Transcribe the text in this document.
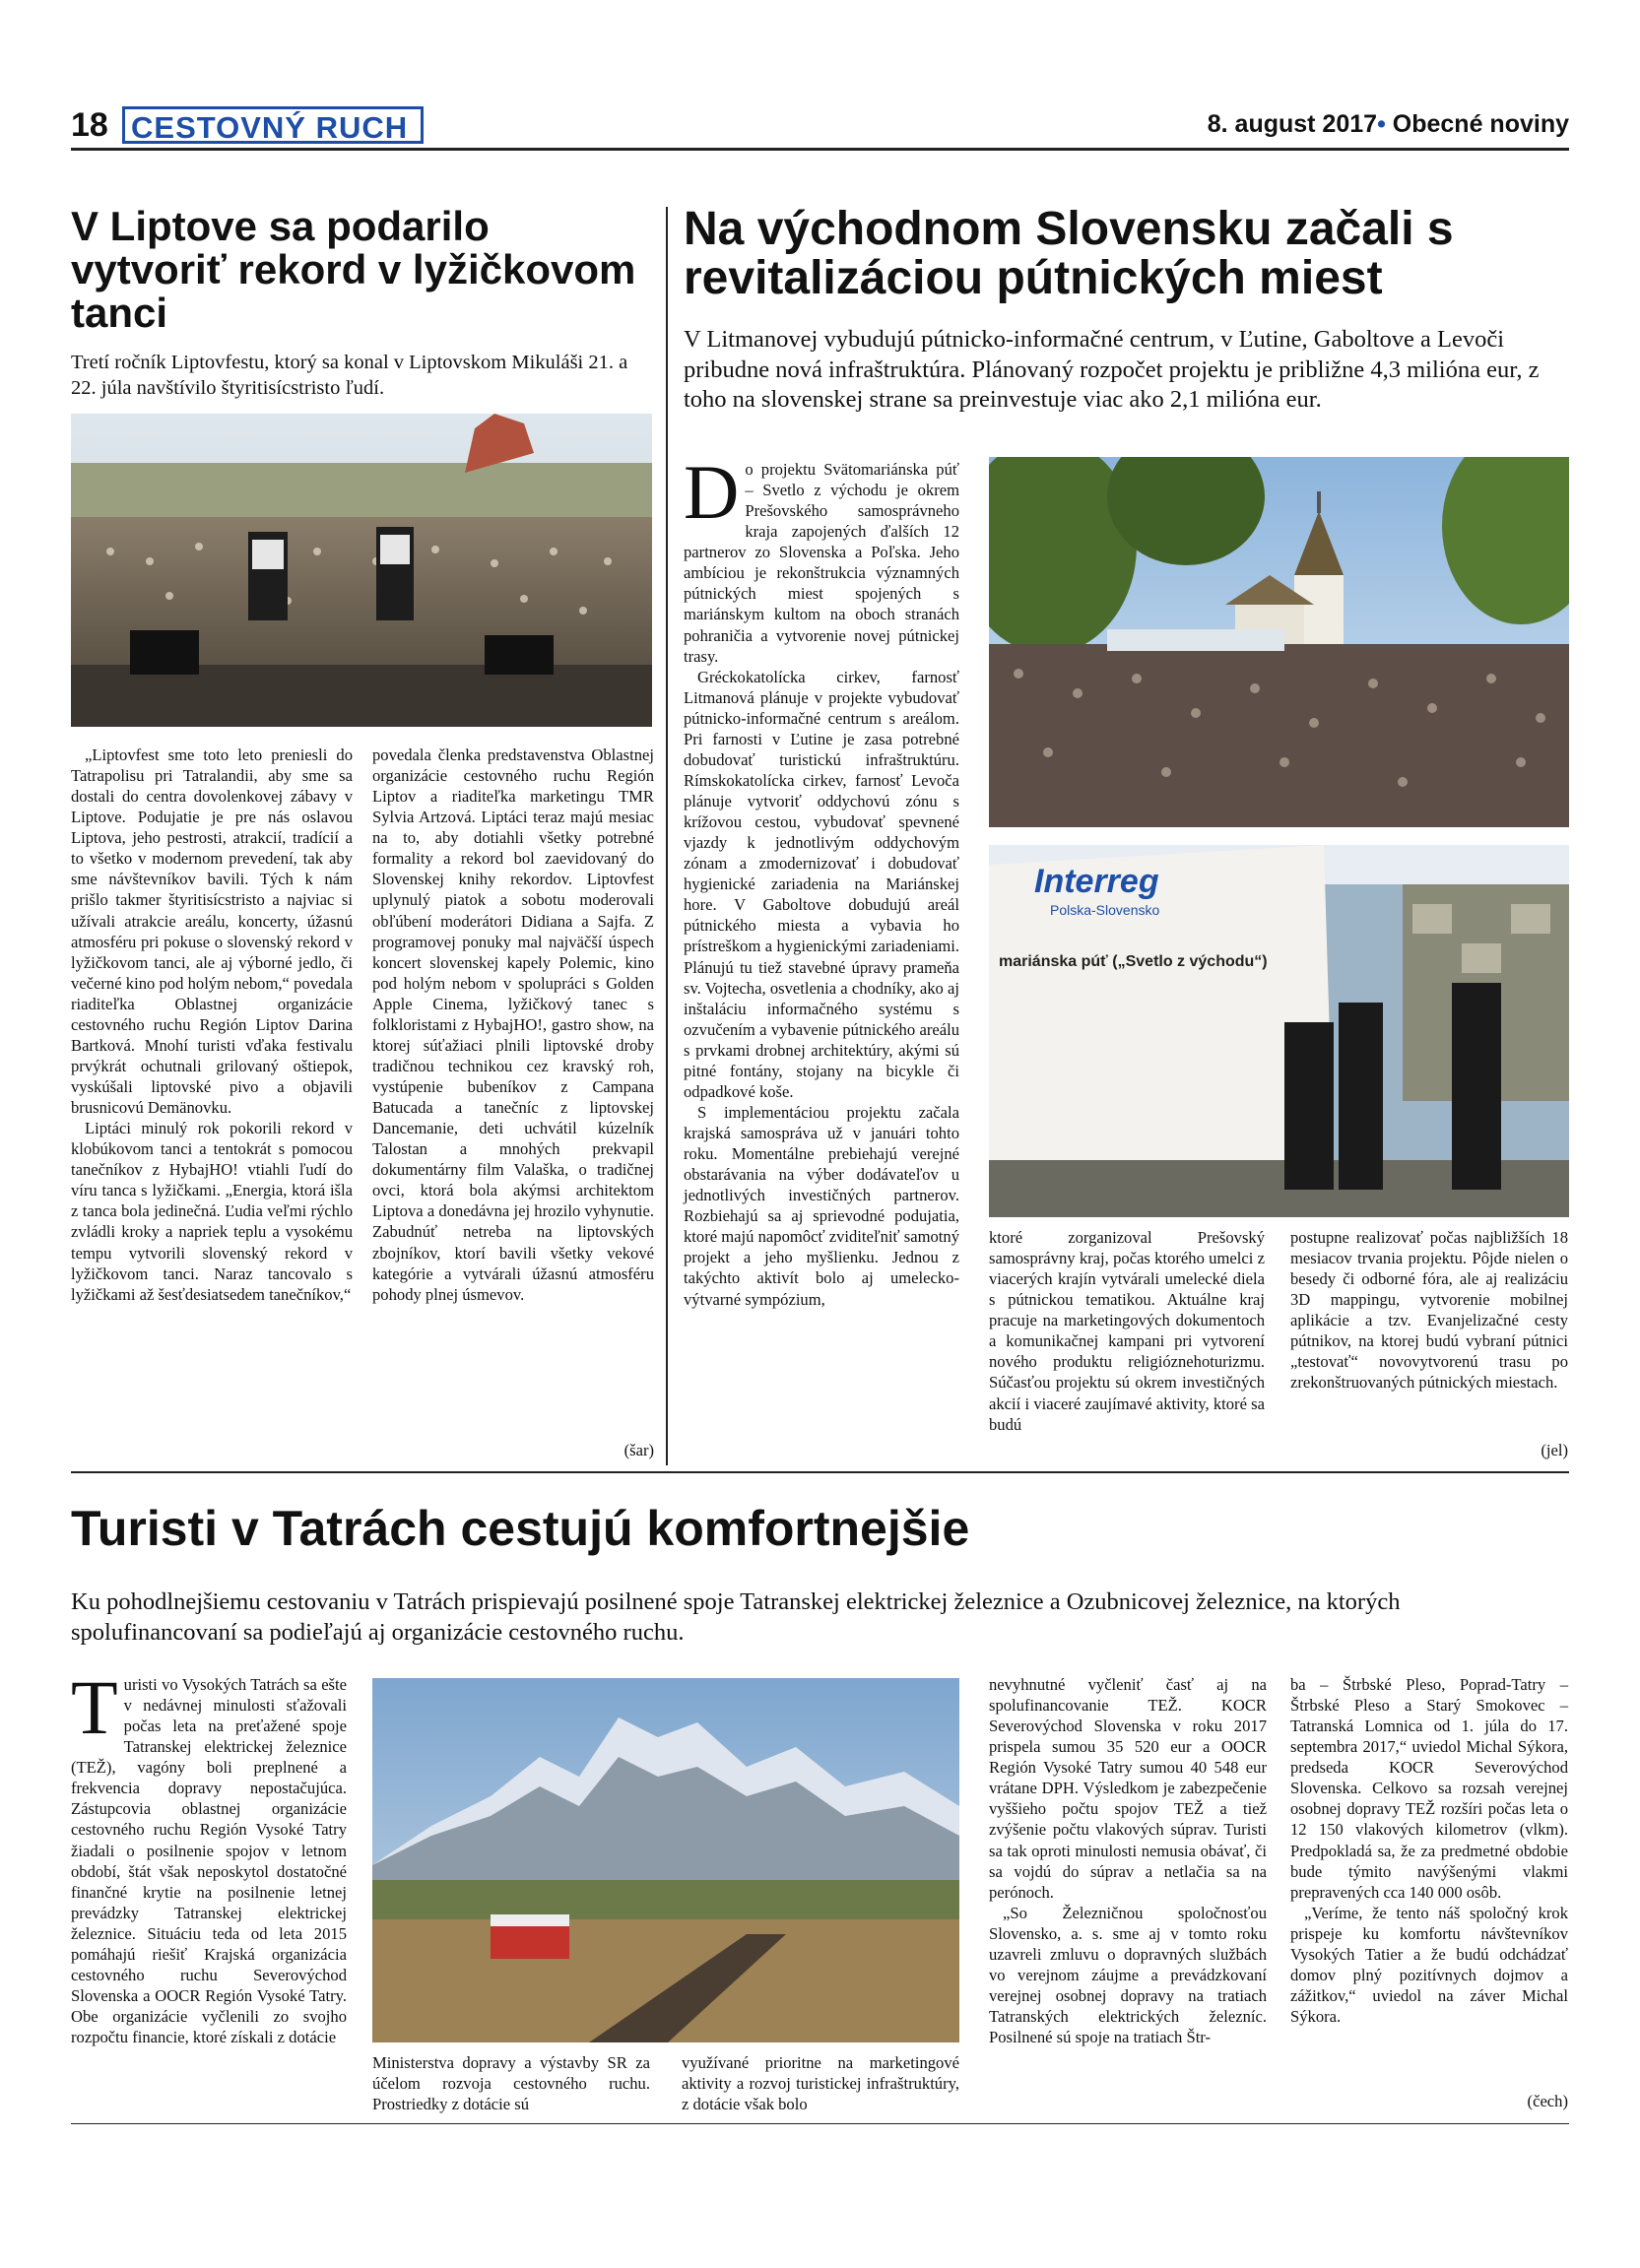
18 CESTOVNÝ RUCH	8. august 2017• Obecné noviny
V Liptove sa podarilo vytvoriť rekord v lyžičkovom tanci
Tretí ročník Liptovfestu, ktorý sa konal v Liptovskom Mikuláši 21. a 22. júla navštívilo štyritisícstristo ľudí.

„Liptovfest sme toto leto preniesli do Tatrapolisu pri Tatralandii, aby sme sa dostali do centra dovolenkovej zábavy v Liptove. Podujatie je pre nás oslavou Liptova, jeho pestrosti, atrakcií, tradícií a to všetko v modernom prevedení, tak aby sme návštevníkov bavili. Tých k nám prišlo takmer štyritisícstristo a najviac si užívali atrakcie areálu, koncerty, úžasnú atmosféru pri pokuse o slovenský rekord v lyžičkovom tanci, ale aj výborné jedlo, či večerné kino pod holým nebom,“ povedala riaditeľka Oblastnej organizácie cestovného ruchu Región Liptov Darina Bartková. Mnohí turisti vďaka festivalu prvýkrát ochutnali grilovaný oštiepok, vyskúšali liptovské pivo a objavili brusnicovú Demänovku.

Liptáci minulý rok pokorili rekord v klobúkovom tanci a tentokrát s pomocou tanečníkov z HybajHO! vtiahli ľudí do víru tanca s lyžičkami. „Energia, ktorá išla z tanca bola jedinečná. Ľudia veľmi rýchlo zvládli kroky a napriek teplu a vysokému tempu vytvorili slovenský rekord v lyžičkovom tanci. Naraz tancovalo s lyžičkami až šesťdesiatsedem tanečníkov,“

povedala členka predstavenstva Oblastnej organizácie cestovného ruchu Región Liptov a riaditeľka marketingu TMR Sylvia Artzová. Liptáci teraz majú mesiac na to, aby dotiahli všetky potrebné formality a rekord bol zaevidovaný do Slovenskej knihy rekordov. Liptovfest uplynulý piatok a sobotu moderovali obľúbení moderátori Didiana a Sajfa. Z programovej ponuky mal najväčší úspech koncert slovenskej kapely Polemic, kino pod holým nebom v spolupráci s Golden Apple Cinema, lyžičkový tanec s folkloristami z HybajHO!, gastro show, na ktorej súťažiaci plnili liptovské droby tradičnou technikou cez kravský roh, vystúpenie bubeníkov z Campana Batucada a tanečníc z liptovskej Dancemanie, deti uchvátil kúzelník Talostan a mnohých prekvapil dokumentárny film Valaška, o tradičnej ovci, ktorá bola akýmsi architektom Liptova a donedávna jej hrozilo vyhynutie. Zabudnúť netreba na liptovských zbojníkov, ktorí bavili všetky vekové kategórie a vytvárali úžasnú atmosféru pohody plnej úsmevov.

(šar)
Na východnom Slovensku začali s revitalizáciou pútnických miest
V Litmanovej vybudujú pútnicko-informačné centrum, v Ľutine, Gaboltove a Levoči pribudne nová infraštruktúra. Plánovaný rozpočet projektu je približne 4,3 milióna eur, z toho na slovenskej strane sa preinvestuje viac ako 2,1 milióna eur.
D o projektu Svätomariánska púť – Svetlo z východu je okrem Prešovského samosprávneho kraja zapojených ďalších 12 partnerov zo Slovenska a Poľska. Jeho ambíciou je rekonštrukcia významných pútnických miest spojených s mariánskym kultom na oboch stranách pohraničia a vytvorenie novej pútnickej trasy.

Gréckokatolícka cirkev, farnosť Litmanová plánuje v projekte vybudovať pútnicko-informačné centrum s areálom. Pri farnosti v Ľutine je zasa potrebné dobudovať turistickú infraštruktúru. Rímskokatolícka cirkev, farnosť Levoča plánuje vytvoriť oddychovú zónu s krížovou cestou, vybudovať spevnené vjazdy k jednotlivým oddychovým zónam a zmodernizovať i dobudovať hygienické zariadenia na Mariánskej hore. V Gaboltove dobudujú areál pútnického miesta a vybavia ho prístreškom a hygienickými zariadeniami. Plánujú tu tiež stavebné úpravy prameňa sv. Vojtecha, osvetlenia a chodníky, ako aj inštaláciu informačného systému s ozvučením a vybavenie pútnického areálu s prvkami drobnej architektúry, akými sú pitné fontány, stojany na bicykle či odpadkové koše.

S implementáciou projektu začala krajská samospráva už v januári tohto roku. Momentálne prebiehajú verejné obstarávania na výber dodávateľov u jednotlivých investičných partnerov. Rozbiehajú sa aj sprievodné podujatia, ktoré majú napomôcť zviditeľniť samotný projekt a jeho myšlienku. Jednou z takýchto aktivít bolo aj umelecko-výtvarné sympózium,

Interreg
Polska-Slovensko
mariánska púť („Svetlo z východu“)

ktoré zorganizoval Prešovský samosprávny kraj, počas ktorého umelci z viacerých krajín vytvárali umelecké diela s pútnickou tematikou. Aktuálne kraj pracuje na marketingových dokumentoch a komunikačnej kampani pri vytvorení nového produktu religióznehoturizmu. Súčasťou projektu sú okrem investičných akcií i viaceré zaujímavé aktivity, ktoré sa budú

postupne realizovať počas najbližších 18 mesiacov trvania projektu. Pôjde nielen o besedy či odborné fóra, ale aj realizáciu 3D mappingu, vytvorenie mobilnej aplikácie a tzv. Evanjelizačné cesty pútnikov, na ktorej budú vybraní pútnici „testovať“ novovytvorenú trasu po zrekonštruovaných pútnických miestach.

(jel)
Turisti v Tatrách cestujú komfortnejšie
Ku pohodlnejšiemu cestovaniu v Tatrách prispievajú posilnené spoje Tatranskej elektrickej železnice a Ozubnicovej železnice, na ktorých spolufinancovaní sa podieľajú aj organizácie cestovného ruchu.
T uristi vo Vysokých Tatrách sa ešte v nedávnej minulosti sťažovali počas leta na preťažené spoje Tatranskej elektrickej železnice (TEŽ), vagóny boli preplnené a frekvencia dopravy nepostačujúca. Zástupcovia oblastnej organizácie cestovného ruchu Región Vysoké Tatry žiadali o posilnenie spojov v letnom období, štát však neposkytol dostatočné finančné krytie na posilnenie letnej prevádzky Tatranskej elektrickej železnice. Situáciu teda od leta 2015 pomáhajú riešiť Krajská organizácia cestovného ruchu Severovýchod Slovenska a OOCR Región Vysoké Tatry. Obe organizácie vyčlenili zo svojho rozpočtu financie, ktoré získali z dotácie

Ministerstva dopravy a výstavby SR za účelom rozvoja cestovného ruchu. Prostriedky z dotácie sú

využívané prioritne na marketingové aktivity a rozvoj turistickej infraštruktúry, z dotácie však bolo

nevyhnutné vyčleniť časť aj na spolufinancovanie TEŽ. KOCR Severovýchod Slovenska v roku 2017 prispela sumou 35 520 eur a OOCR Región Vysoké Tatry sumou 40 548 eur vrátane DPH. Výsledkom je zabezpečenie vyššieho počtu spojov TEŽ a tiež zvýšenie počtu vlakových súprav. Turisti sa tak oproti minulosti nemusia obávať, či sa vojdú do súprav a netlačia sa na perónoch.

„So Železničnou spoločnosťou Slovensko, a. s. sme aj v tomto roku uzavreli zmluvu o dopravných službách vo verejnom záujme a prevádzkovaní verejnej osobnej dopravy na tratiach Tatranských elektrických železníc. Posilnené sú spoje na tratiach Štr-

ba – Štrbské Pleso, Poprad-Tatry – Štrbské Pleso a Starý Smokovec – Tatranská Lomnica od 1. júla do 17. septembra 2017,“ uviedol Michal Sýkora, predseda KOCR Severovýchod Slovenska. Celkovo sa rozsah verejnej osobnej dopravy TEŽ rozšíri počas leta o 12 150 vlakových kilometrov (vlkm). Predpokladá sa, že za predmetné obdobie bude týmito navýšenými vlakmi prepravených cca 140 000 osôb.

„Veríme, že tento náš spoločný krok prispeje ku komfortu návštevníkov Vysokých Tatier a že budú odchádzať domov plný pozitívnych dojmov a zážitkov,“ uviedol na záver Michal Sýkora.

(čech)
